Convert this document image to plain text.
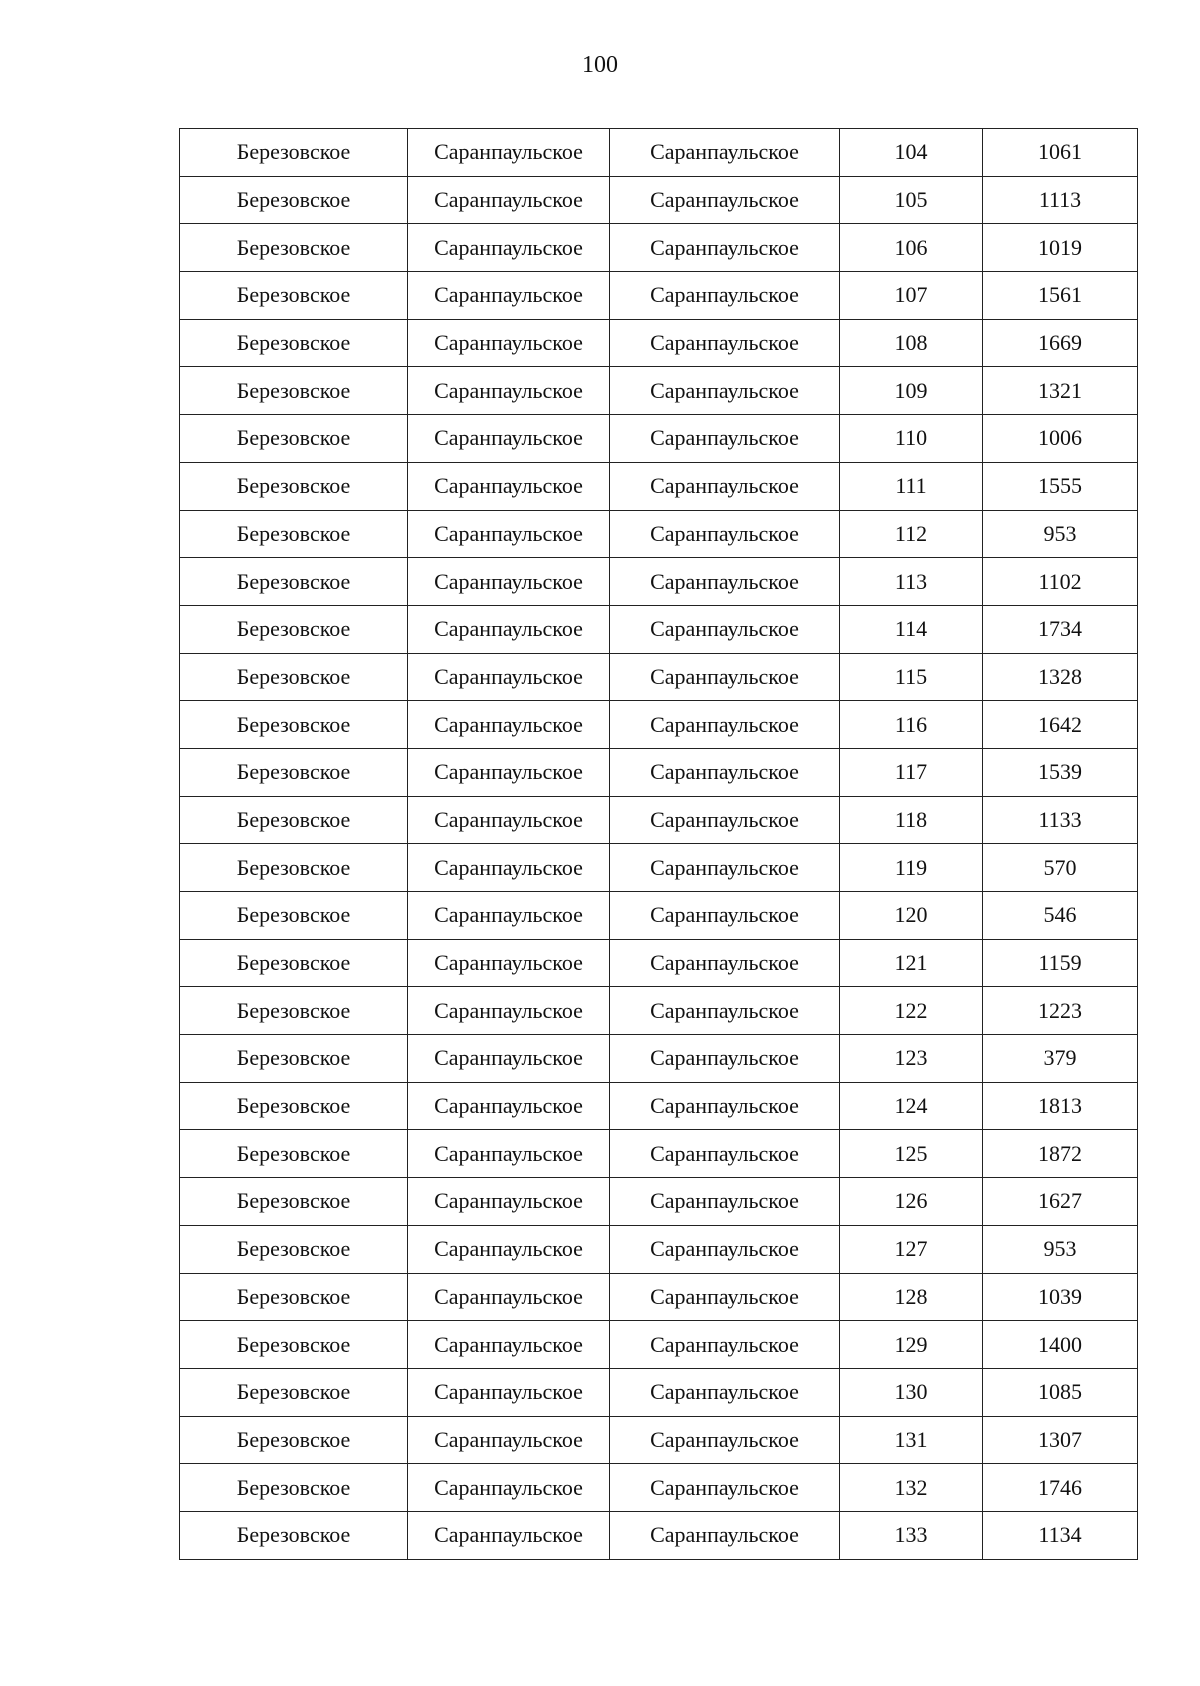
100
Березовское	Саранпаульское	Саранпаульское	104	1061
Березовское	Саранпаульское	Саранпаульское	105	1113
Березовское	Саранпаульское	Саранпаульское	106	1019
Березовское	Саранпаульское	Саранпаульское	107	1561
Березовское	Саранпаульское	Саранпаульское	108	1669
Березовское	Саранпаульское	Саранпаульское	109	1321
Березовское	Саранпаульское	Саранпаульское	110	1006
Березовское	Саранпаульское	Саранпаульское	111	1555
Березовское	Саранпаульское	Саранпаульское	112	953
Березовское	Саранпаульское	Саранпаульское	113	1102
Березовское	Саранпаульское	Саранпаульское	114	1734
Березовское	Саранпаульское	Саранпаульское	115	1328
Березовское	Саранпаульское	Саранпаульское	116	1642
Березовское	Саранпаульское	Саранпаульское	117	1539
Березовское	Саранпаульское	Саранпаульское	118	1133
Березовское	Саранпаульское	Саранпаульское	119	570
Березовское	Саранпаульское	Саранпаульское	120	546
Березовское	Саранпаульское	Саранпаульское	121	1159
Березовское	Саранпаульское	Саранпаульское	122	1223
Березовское	Саранпаульское	Саранпаульское	123	379
Березовское	Саранпаульское	Саранпаульское	124	1813
Березовское	Саранпаульское	Саранпаульское	125	1872
Березовское	Саранпаульское	Саранпаульское	126	1627
Березовское	Саранпаульское	Саранпаульское	127	953
Березовское	Саранпаульское	Саранпаульское	128	1039
Березовское	Саранпаульское	Саранпаульское	129	1400
Березовское	Саранпаульское	Саранпаульское	130	1085
Березовское	Саранпаульское	Саранпаульское	131	1307
Березовское	Саранпаульское	Саранпаульское	132	1746
Березовское	Саранпаульское	Саранпаульское	133	1134
